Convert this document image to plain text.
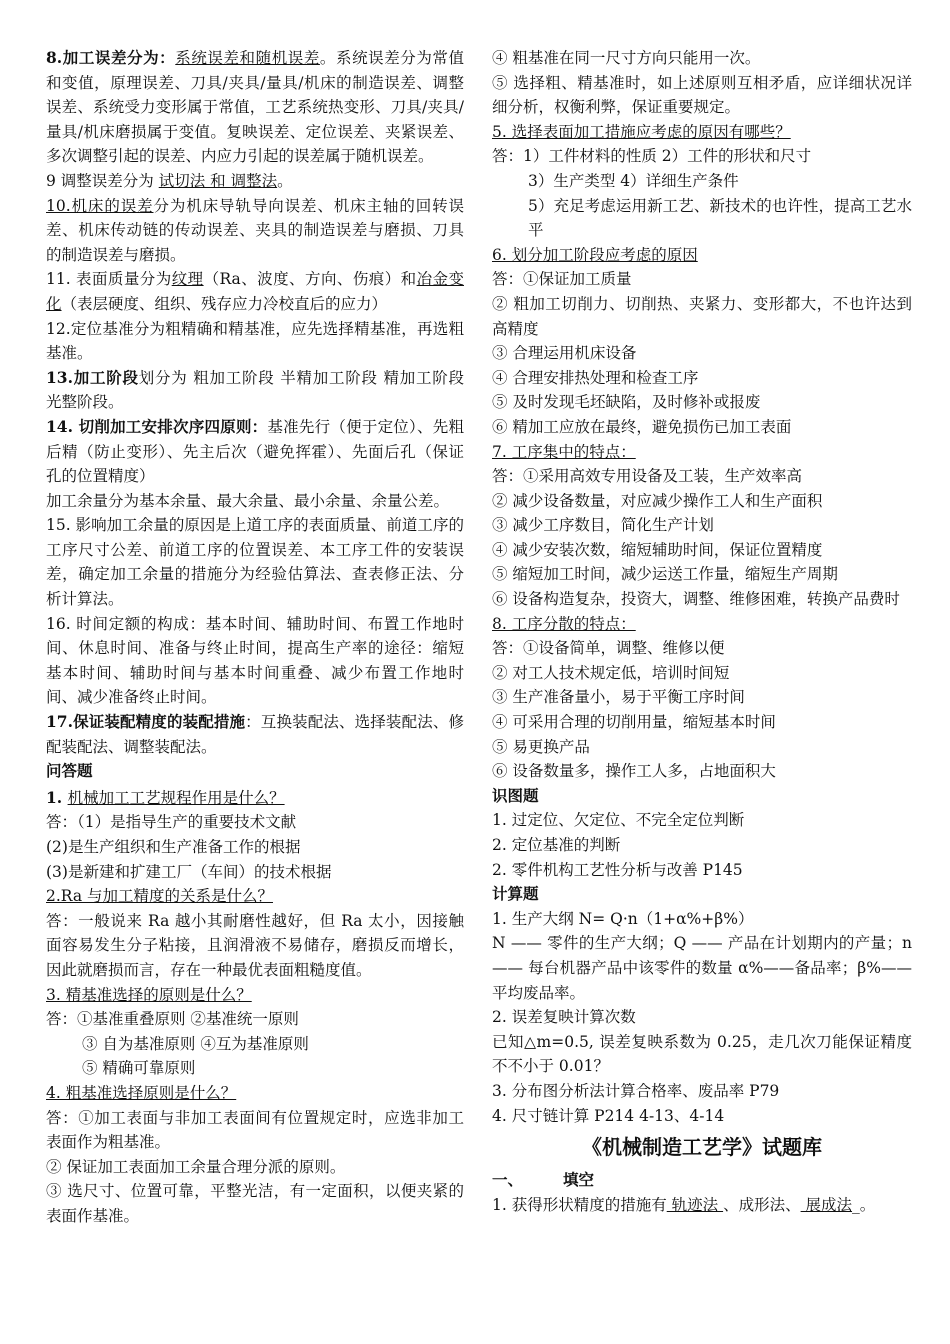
8.加工误差分为：系统误差和随机误差。系统误差分为常值和变值，原理误差、刀具/夹具/量具/机床的制造误差、调整误差、系统受力变形属于常值，工艺系统热变形、刀具/夹具/量具/机床磨损属于变值。复映误差、定位误差、夹紧误差、多次调整引起的误差、内应力引起的误差属于随机误差。

9 调整误差分为 试切法 和 调整法。

10.机床的误差分为机床导轨导向误差、机床主轴的回转误差、机床传动链的传动误差、夹具的制造误差与磨损、刀具的制造误差与磨损。

11. 表面质量分为纹理（Ra、波度、方向、伤痕）和冶金变化（表层硬度、组织、残存应力冷校直后的应力）

12.定位基准分为粗精确和精基准，应先选择精基准，再选粗基准。

13.加工阶段划分为 粗加工阶段 半精加工阶段 精加工阶段 光整阶段。

14. 切削加工安排次序四原则：基准先行（便于定位）、先粗后精（防止变形）、先主后次（避免挥霍）、先面后孔（保证孔的位置精度）

加工余量分为基本余量、最大余量、最小余量、余量公差。

15. 影响加工余量的原因是上道工序的表面质量、前道工序的工序尺寸公差、前道工序的位置误差、本工序工件的安装误差，确定加工余量的措施分为经验估算法、查表修正法、分析计算法。

16. 时间定额的构成：基本时间、辅助时间、布置工作地时间、休息时间、准备与终止时间，提高生产率的途径：缩短基本时间、辅助时间与基本时间重叠、减少布置工作地时间、减少准备终止时间。

17.保证装配精度的装配措施：互换装配法、选择装配法、修配装配法、调整装配法。

问答题

1. 机械加工工艺规程作用是什么？

答：（1）是指导生产的重要技术文献

(2)是生产组织和生产准备工作的根据

(3)是新建和扩建工厂（车间）的技术根据

2.Ra 与加工精度的关系是什么？

答：一般说来 Ra 越小其耐磨性越好，但 Ra 太小，因接触面容易发生分子粘接，且润滑液不易储存，磨损反而增长，因此就磨损而言，存在一种最优表面粗糙度值。

3. 精基准选择的原则是什么？

答：①基准重叠原则 ②基准统一原则

③ 自为基准原则 ④互为基准原则

⑤ 精确可靠原则

4. 粗基准选择原则是什么？

答：①加工表面与非加工表面间有位置规定时，应选非加工表面作为粗基准。

② 保证加工表面加工余量合理分派的原则。

③ 选尺寸、位置可靠，平整光洁，有一定面积，以便夹紧的表面作基准。

④ 粗基准在同一尺寸方向只能用一次。

⑤ 选择粗、精基准时，如上述原则互相矛盾，应详细状况详细分析，权衡利弊，保证重要规定。

5. 选择表面加工措施应考虑的原因有哪些？

答：1）工件材料的性质 2）工件的形状和尺寸

3）生产类型 4）详细生产条件

5）充足考虑运用新工艺、新技术的也许性，提高工艺水平

6. 划分加工阶段应考虑的原因

答：①保证加工质量

② 粗加工切削力、切削热、夹紧力、变形都大，不也许达到高精度

③ 合理运用机床设备

④ 合理安排热处理和检查工序

⑤ 及时发现毛坯缺陷，及时修补或报废

⑥ 精加工应放在最终，避免损伤已加工表面

7. 工序集中的特点：

答：①采用高效专用设备及工装，生产效率高

② 减少设备数量，对应减少操作工人和生产面积

③ 减少工序数目，简化生产计划

④ 减少安装次数，缩短辅助时间，保证位置精度

⑤ 缩短加工时间，减少运送工作量，缩短生产周期

⑥ 设备构造复杂，投资大，调整、维修困难，转换产品费时

8. 工序分散的特点：

答：①设备简单，调整、维修以便

② 对工人技术规定低，培训时间短

③ 生产准备量小，易于平衡工序时间

④ 可采用合理的切削用量，缩短基本时间

⑤ 易更换产品

⑥ 设备数量多，操作工人多，占地面积大

识图题

1. 过定位、欠定位、不完全定位判断

2. 定位基准的判断

2. 零件机构工艺性分析与改善 P145

计算题

1. 生产大纲 N= Q·n（1+α%+β%）

N —— 零件的生产大纲；Q —— 产品在计划期内的产量；n —— 每台机器产品中该零件的数量 α%——备品率；β%——平均废品率。

2. 误差复映计算次数

已知△m=0.5, 误差复映系数为 0.25，走几次刀能保证精度不不小于 0.01？

3. 分布图分析法计算合格率、废品率 P79

4. 尺寸链计算 P214 4-13、4-14

《机械制造工艺学》试题库

一、	填空

1. 获得形状精度的措施有 轨迹法 、成形法、 展成法_。
